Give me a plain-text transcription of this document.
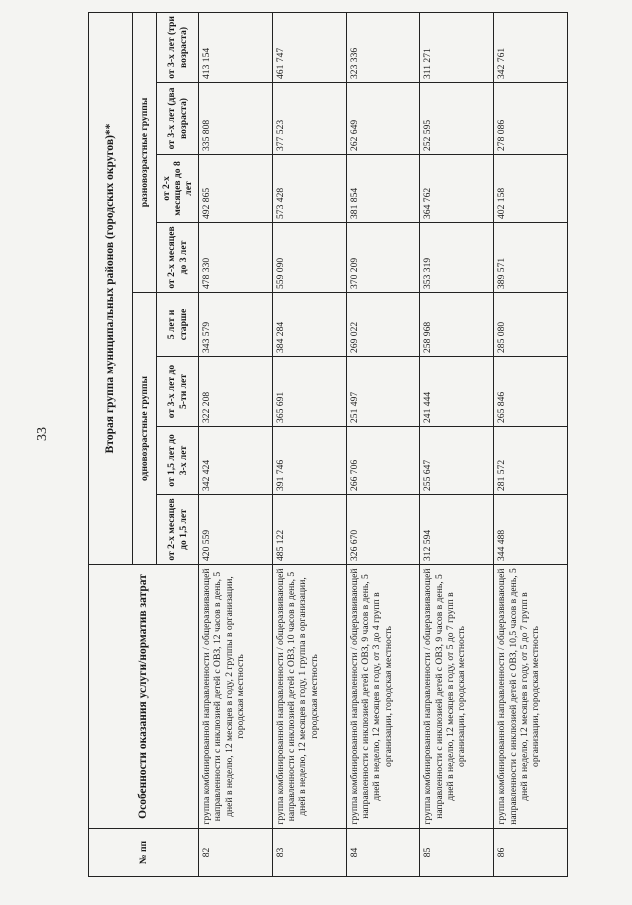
33
№ пп	Особенности оказания услуги/норматив затрат	Вторая группа муниципальных районов (городских округов)**							
		одновозрастные группы				разновозрастные группы			
		от 2-х месяцев до 1,5 лет	от 1,5 лет до 3-х лет	от 3-х лет до 5-ти лет	5 лет и старше	от 2-х месяцев до 3 лет	от 2-х месяцев до 8 лет	от 3-х лет (два возраста)	от 3-х лет (три возраста)
82	группа комбинированной направленности / общеразвивающей направленности с инклюзией детей с ОВЗ, 12 часов в день, 5 дней в неделю, 12 месяцев в году, 2 группы в организации, городская местность	420 559	342 424	322 208	343 579	478 330	492 865	335 808	413 154
83	группа комбинированной направленности / общеразвивающей направленности с инклюзией детей с ОВЗ, 10 часов в день, 5 дней в неделю, 12 месяцев в году, 1 группа в организации, городская местность	485 122	391 746	365 691	384 284	559 090	573 428	377 523	461 747
84	группа комбинированной направленности / общеразвивающей направленности с инклюзией детей с ОВЗ, 9 часов в день, 5 дней в неделю, 12 месяцев в году, от 3 до 4 групп в организации, городская местность	326 670	266 706	251 497	269 022	370 209	381 854	262 649	323 336
85	группа комбинированной направленности / общеразвивающей направленности с инклюзией детей с ОВЗ, 9 часов в день, 5 дней в неделю, 12 месяцев в году, от 5 до 7 групп в организации, городская местность	312 594	255 647	241 444	258 968	353 319	364 762	252 595	311 271
86	группа комбинированной направленности / общеразвивающей направленности с инклюзией детей с ОВЗ, 10,5 часов в день, 5 дней в неделю, 12 месяцев в году, от 5 до 7 групп в организации, городская местность	344 488	281 572	265 846	285 080	389 571	402 158	278 086	342 761
